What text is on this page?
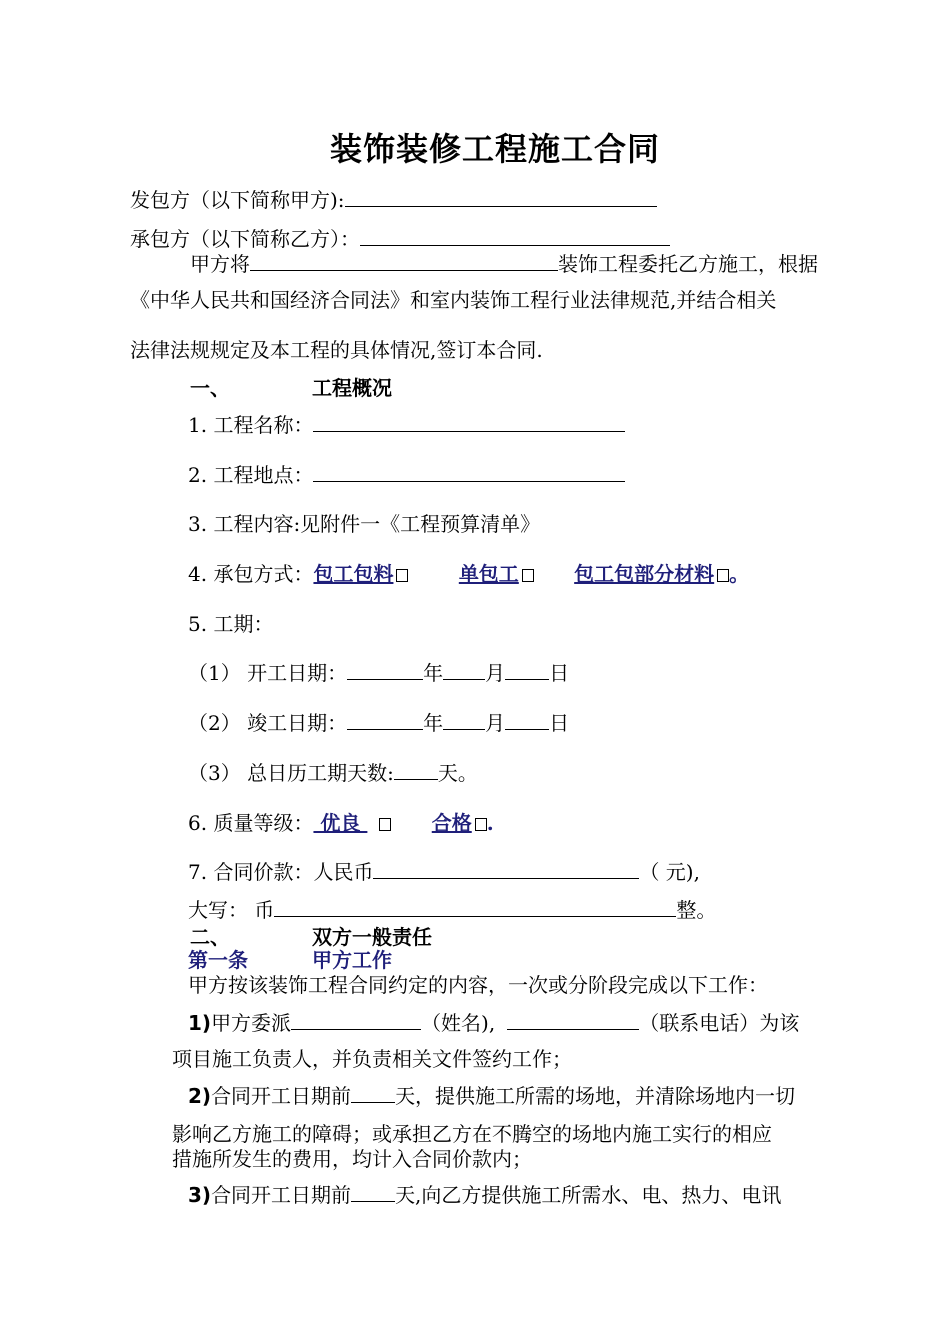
装饰装修工程施工合同
发包方（以下简称甲方):
承包方（以下简称乙方）：
甲方将	装饰工程委托乙方施工，根据
《中华人民共和国经济合同法》和室内装饰工程行业法律规范,并结合相关
法律法规规定及本工程的具体情况,签订本合同.
一、	工程概况
1. 工程名称：
2. 工程地点：
3. 工程内容:见附件一《工程预算清单》
4. 承包方式：包工包料	单包工	包工包部分材料 。
5. 工期：
（1） 开工日期：	年 月 日
（2） 竣工日期：	年 月 日
（3） 总日历工期天数: 天。
6. 质量等级： 优良	合格 .
7. 合同价款：人民币	（ 元),
大写： 币	整。
二、	双方一般责任
第一条	甲方工作
甲方按该装饰工程合同约定的内容，一次或分阶段完成以下工作：
1)甲方委派	（姓名),	（联系电话）为该
项目施工负责人，并负责相关文件签约工作；
2)合同开工日期前 天，提供施工所需的场地，并清除场地内一切
影响乙方施工的障碍；或承担乙方在不腾空的场地内施工实行的相应
措施所发生的费用，均计入合同价款内；
3)合同开工日期前 天,向乙方提供施工所需水、电、热力、电讯
